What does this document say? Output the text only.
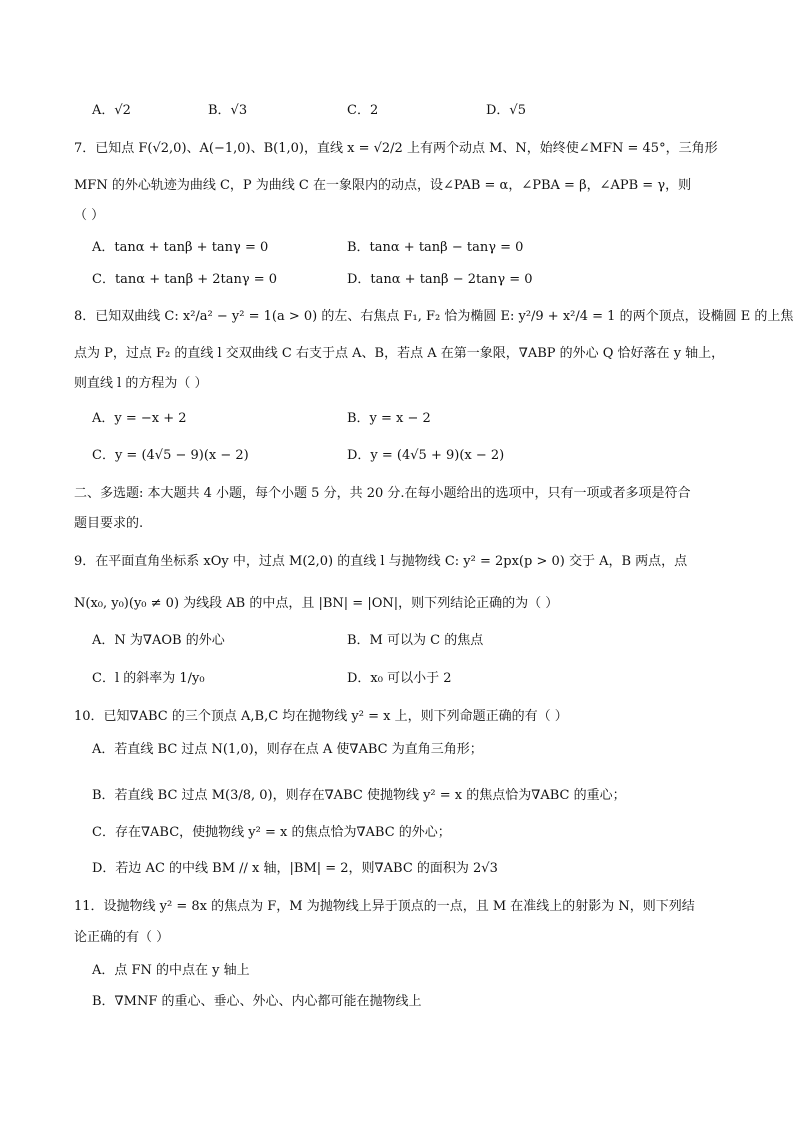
A．√2	B．√3	C．2	D．√5
7．已知点 F(√2,0)、A(−1,0)、B(1,0)，直线 x = √2/2 上有两个动点 M、N，始终使∠MFN = 45°，三角形
MFN 的外心轨迹为曲线 C，P 为曲线 C 在一象限内的动点，设∠PAB = α，∠PBA = β，∠APB = γ，则
（ ）
A．tanα + tanβ + tanγ = 0	B．tanα + tanβ − tanγ = 0
C．tanα + tanβ + 2tanγ = 0	D．tanα + tanβ − 2tanγ = 0
8．已知双曲线 C: x²/a² − y² = 1(a > 0) 的左、右焦点 F₁, F₂ 恰为椭圆 E: y²/9 + x²/4 = 1 的两个顶点，设椭圆 E 的上焦
点为 P，过点 F₂ 的直线 l 交双曲线 C 右支于点 A、B，若点 A 在第一象限，∇ABP 的外心 Q 恰好落在 y 轴上，
则直线 l 的方程为（ ）
A．y = −x + 2	B．y = x − 2
C．y = (4√5 − 9)(x − 2)	D．y = (4√5 + 9)(x − 2)
二、多选题: 本大题共 4 小题，每个小题 5 分，共 20 分.在每小题给出的选项中，只有一项或者多项是符合
题目要求的.
9．在平面直角坐标系 xOy 中，过点 M(2,0) 的直线 l 与抛物线 C: y² = 2px(p > 0) 交于 A，B 两点，点
N(x₀, y₀)(y₀ ≠ 0) 为线段 AB 的中点，且 |BN| = |ON|，则下列结论正确的为（ ）
A．N 为∇AOB 的外心	B．M 可以为 C 的焦点
C．l 的斜率为 1/y₀	D．x₀ 可以小于 2
10．已知∇ABC 的三个顶点 A,B,C 均在抛物线 y² = x 上，则下列命题正确的有（ ）
A．若直线 BC 过点 N(1,0)，则存在点 A 使∇ABC 为直角三角形；
B．若直线 BC 过点 M(3/8, 0)，则存在∇ABC 使抛物线 y² = x 的焦点恰为∇ABC 的重心；
C．存在∇ABC，使抛物线 y² = x 的焦点恰为∇ABC 的外心；
D．若边 AC 的中线 BM // x 轴，|BM| = 2，则∇ABC 的面积为 2√3
11．设抛物线 y² = 8x 的焦点为 F，M 为抛物线上异于顶点的一点，且 M 在准线上的射影为 N，则下列结
论正确的有（ ）
A．点 FN 的中点在 y 轴上
B．∇MNF 的重心、垂心、外心、内心都可能在抛物线上
